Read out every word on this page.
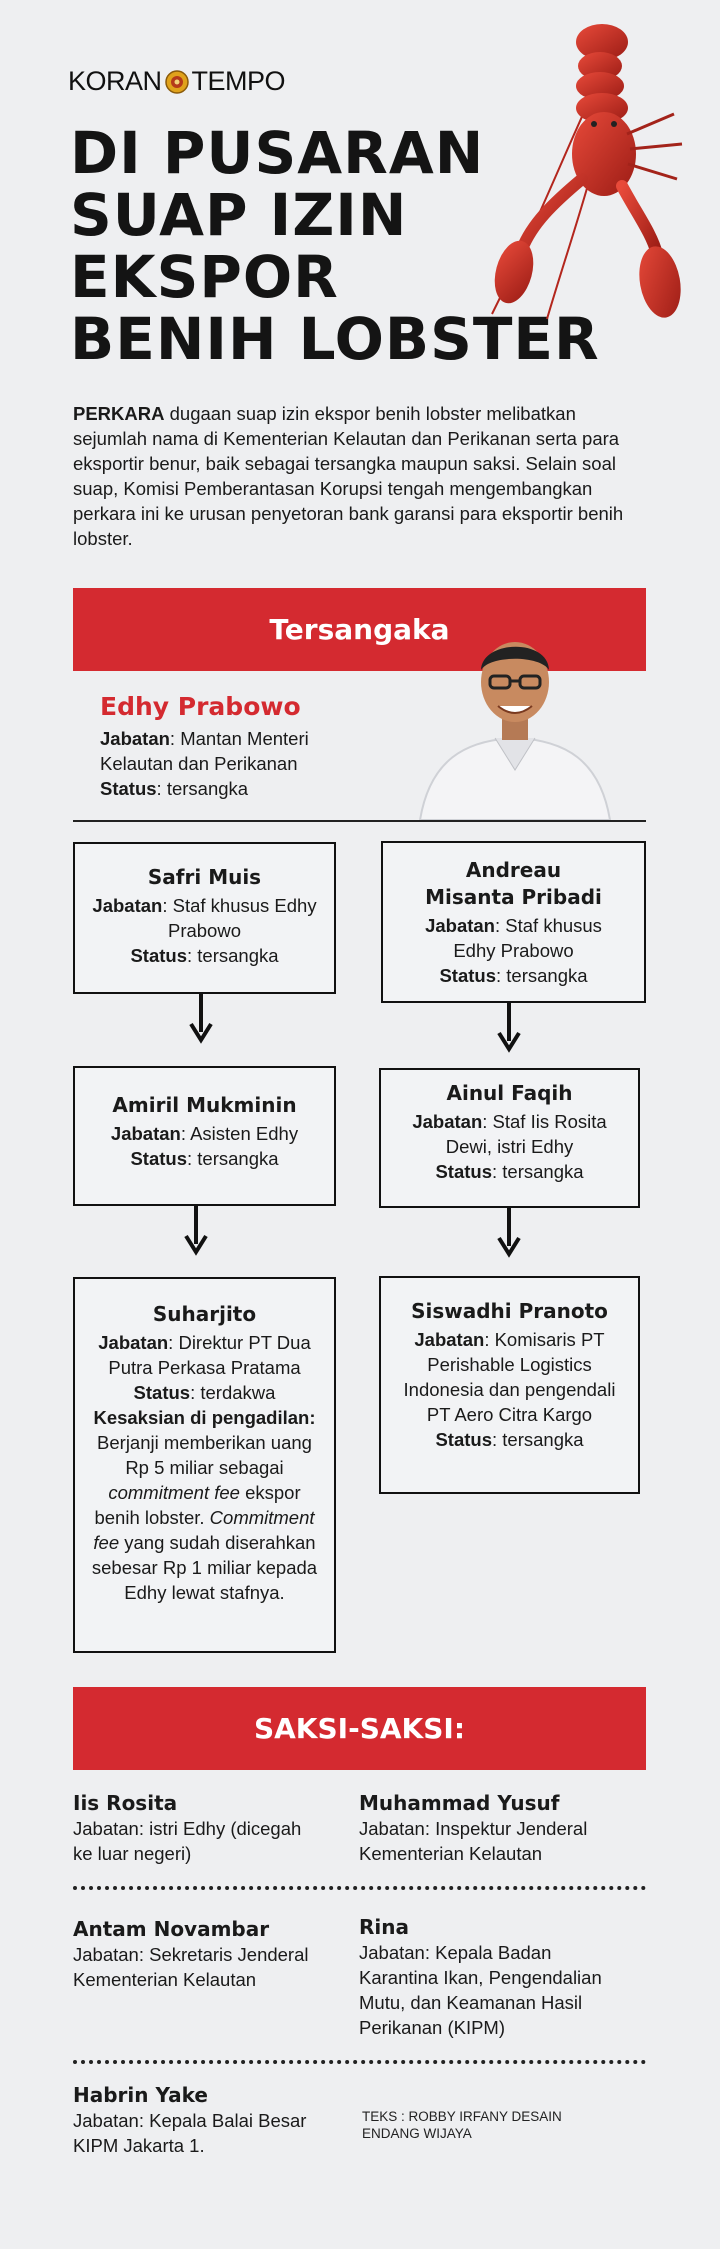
KORAN TEMPO
DI PUSARAN
SUAP IZIN
EKSPOR
BENIH LOBSTER

PERKARA dugaan suap izin ekspor benih lobster melibatkan sejumlah nama di Kementerian Kelautan dan Perikanan serta para eksportir benur, baik sebagai tersangka maupun saksi. Selain soal suap, Komisi Pemberantasan Korupsi tengah mengembangkan perkara ini ke urusan penyetoran bank garansi para eksportir benih lobster.

Tersangaka
Edhy Prabowo
Jabatan: Mantan Menteri Kelautan dan Perikanan
Status: tersangka
Safri Muis
Jabatan: Staf khusus Edhy Prabowo
Status: tersangka
Andreau Misanta Pribadi
Jabatan: Staf khusus Edhy Prabowo
Status: tersangka
Amiril Mukminin
Jabatan: Asisten Edhy
Status: tersangka
Ainul Faqih
Jabatan: Staf Iis Rosita Dewi, istri Edhy
Status: tersangka
Suharjito
Jabatan: Direktur PT Dua Putra Perkasa Pratama
Status: terdakwa
Kesaksian di pengadilan:
Berjanji memberikan uang Rp 5 miliar sebagai commitment fee ekspor benih lobster. Commitment fee yang sudah diserahkan sebesar Rp 1 miliar kepada Edhy lewat stafnya.
Siswadhi Pranoto
Jabatan: Komisaris PT Perishable Logistics Indonesia dan pengendali PT Aero Citra Kargo
Status: tersangka
SAKSI-SAKSI:
Iis Rosita
Jabatan: istri Edhy (dicegah ke luar negeri)
Muhammad Yusuf
Jabatan: Inspektur Jenderal Kementerian Kelautan
Antam Novambar
Jabatan: Sekretaris Jenderal Kementerian Kelautan
Rina
Jabatan: Kepala Badan Karantina Ikan, Pengendalian Mutu, dan Keamanan Hasil Perikanan (KIPM)
Habrin Yake
Jabatan: Kepala Balai Besar KIPM Jakarta 1.
TEKS : ROBBY IRFANY DESAIN ENDANG WIJAYA
